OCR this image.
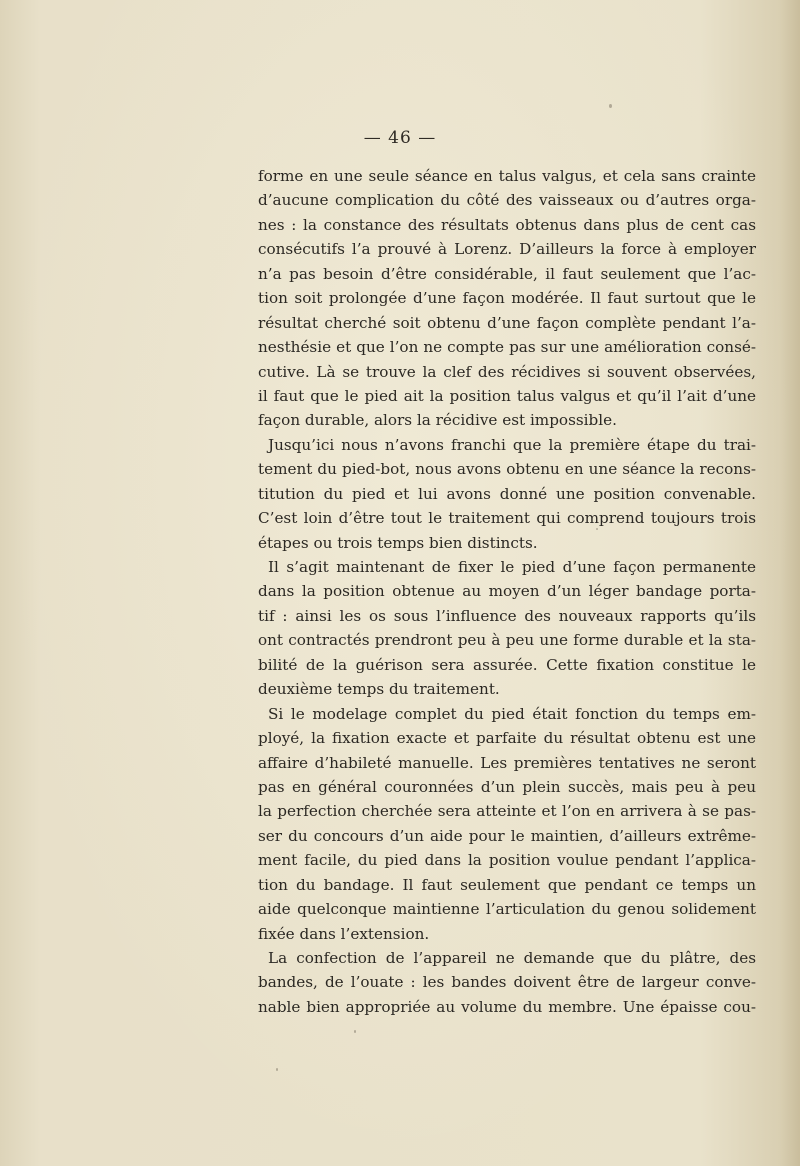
— 46 —
forme en une seule séance en talus valgus, et cela sans crainte
d’aucune complication du côté des vaisseaux ou d’autres orga-
nes : la constance des résultats obtenus dans plus de cent cas
consécutifs l’a prouvé à Lorenz. D’ailleurs la force à employer
n’a pas besoin d’être considérable, il faut seulement que l’ac-
tion soit prolongée d’une façon modérée. Il faut surtout que le
résultat cherché soit obtenu d’une façon complète pendant l’a-
nesthésie et que l’on ne compte pas sur une amélioration consé-
cutive. Là se trouve la clef des récidives si souvent observées,
il faut que le pied ait la position talus valgus et qu’il l’ait d’une
façon durable, alors la récidive est impossible.
Jusqu’ici nous n’avons franchi que la première étape du trai-
tement du pied-bot, nous avons obtenu en une séance la recons-
titution du pied et lui avons donné une position convenable.
C’est loin d’être tout le traitement qui comprend toujours trois
étapes ou trois temps bien distincts.
Il s’agit maintenant de fixer le pied d’une façon permanente
dans la position obtenue au moyen d’un léger bandage porta-
tif : ainsi les os sous l’influence des nouveaux rapports qu’ils
ont contractés prendront peu à peu une forme durable et la sta-
bilité de la guérison sera assurée. Cette fixation constitue le
deuxième temps du traitement.
Si le modelage complet du pied était fonction du temps em-
ployé, la fixation exacte et parfaite du résultat obtenu est une
affaire d’habileté manuelle. Les premières tentatives ne seront
pas en général couronnées d’un plein succès, mais peu à peu
la perfection cherchée sera atteinte et l’on en arrivera à se pas-
ser du concours d’un aide pour le maintien, d’ailleurs extrême-
ment facile, du pied dans la position voulue pendant l’applica-
tion du bandage. Il faut seulement que pendant ce temps un
aide quelconque maintienne l’articulation du genou solidement
fixée dans l’extension.
La confection de l’appareil ne demande que du plâtre, des
bandes, de l’ouate : les bandes doivent être de largeur conve-
nable bien appropriée au volume du membre. Une épaisse cou-
